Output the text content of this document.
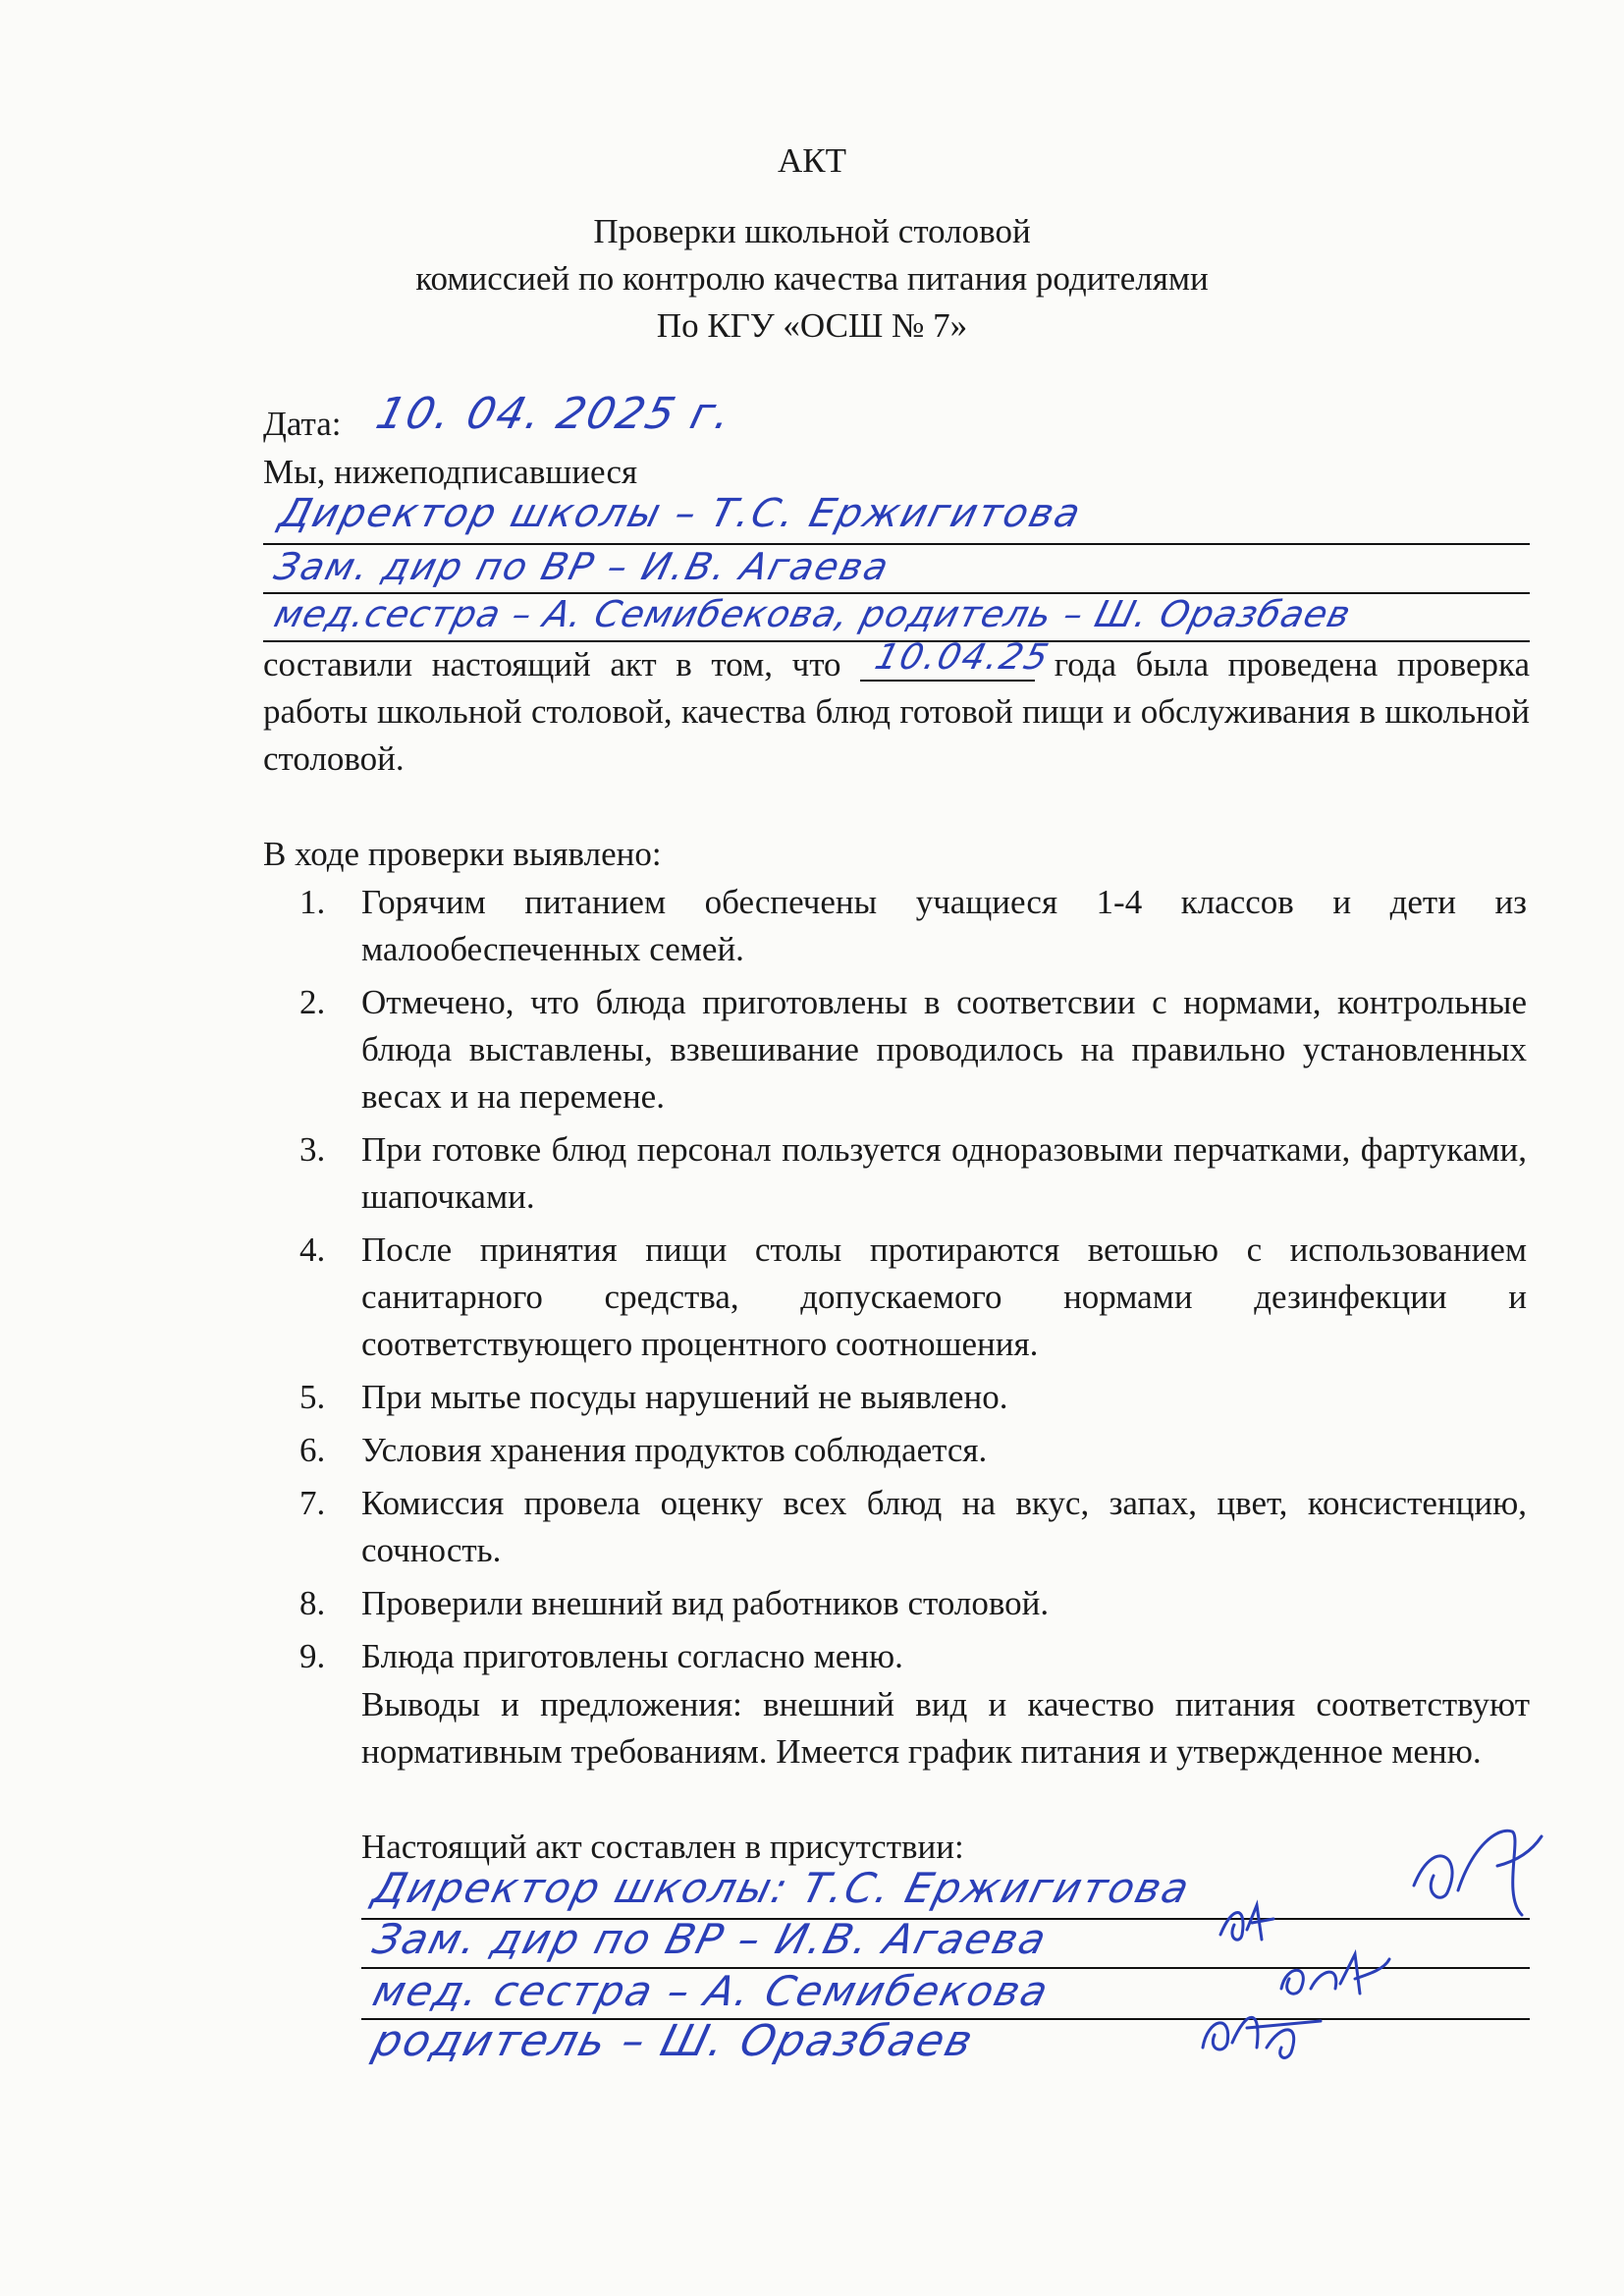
АКТ
Проверки школьной столовой
комиссией по контролю качества питания родителями
По КГУ «ОСШ № 7»
Дата: 10. 04. 2025 г.
Мы, нижеподписавшиеся
Директор школы – Т.С. Ержигитова
Зам. дир по ВР – И.В. Агаева
мед.сестра – А. Семибекова, родитель – Ш. Оразбаев
составили настоящий акт в том, что 10.04.25 года была проведена проверка работы школьной столовой, качества блюд готовой пищи и обслуживания в школьной столовой.
В ходе проверки выявлено:
1.	Горячим питанием обеспечены учащиеся 1-4 классов и дети из малообеспеченных семей.
2.	Отмечено, что блюда приготовлены в соответсвии с нормами, контрольные блюда выставлены, взвешивание проводилось на правильно установленных весах и на перемене.
3.	При готовке блюд персонал пользуется одноразовыми перчатками, фартуками, шапочками.
4.	После принятия пищи столы протираются ветошью с использованием санитарного средства, допускаемого нормами дезинфекции и соответствующего процентного соотношения.
5.	При мытье посуды нарушений не выявлено.
6.	Условия хранения продуктов соблюдается.
7.	Комиссия провела оценку всех блюд на вкус, запах, цвет, консистенцию, сочность.
8.	Проверили внешний вид работников столовой.
9.	Блюда приготовлены согласно меню.
Выводы и предложения: внешний вид и качество питания соответствуют нормативным требованиям. Имеется график питания и утвержденное меню.
Настоящий акт составлен в присутствии:
Директор школы: Т.С. Ержигитова
Зам. дир по ВР – И.В. Агаева
мед. сестра – А. Семибекова
родитель – Ш. Оразбаев
